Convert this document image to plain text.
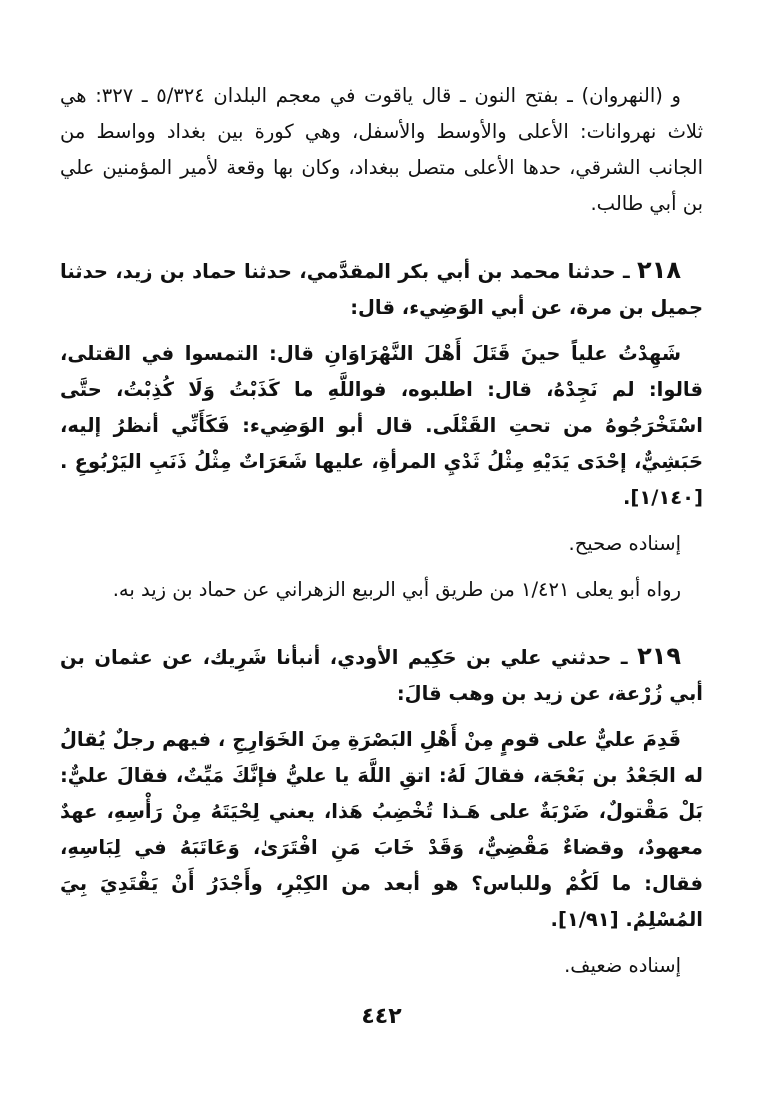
و (النهروان) ـ بفتح النون ـ قال ياقوت في معجم البلدان ٥/٣٢٤ ـ ٣٢٧: هي ثلاث نهروانات: الأعلى والأوسط والأسفل، وهي كورة بين بغداد وواسط من الجانب الشرقي، حدها الأعلى متصل ببغداد، وكان بها وقعة لأمير المؤمنين علي بن أبي طالب.

٢١٨ ـ حدثنا محمد بن أبي بكر المقدَّمي، حدثنا حماد بن زيد، حدثنا جميل بن مرة، عن أبي الوَضِيء، قال:

شَهِدْتُ علياً حينَ قَتَلَ أَهْلَ النَّهْرَاوَانِ قال: التمسوا في القتلى، قالوا: لم نَجِدْهُ، قال: اطلبوه، فواللَّهِ ما كَذَبْتُ وَلَا كُذِبْتُ، حتَّى اسْتَخْرَجُوهُ من تحتِ القَتْلَى. قال أبو الوَضِيء: فَكَأَنِّي أنظرُ إليه، حَبَشِيٌّ، إحْدَى يَدَيْهِ مِثْلُ ثَدْيِ المرأةِ، عليها شَعَرَاتٌ مِثْلُ ذَنَبِ اليَرْبُوعِ . [١/١٤٠].

إسناده صحيح.

رواه أبو يعلى ١/٤٢١ من طريق أبي الربيع الزهراني عن حماد بن زيد به.

٢١٩ ـ حدثني علي بن حَكِيم الأودي، أنبأنا شَرِيك، عن عثمان بن أبي زُرْعة، عن زيد بن وهب قالَ:

قَدِمَ عليٌّ على قومٍ مِنْ أَهْلِ البَصْرَةِ مِنَ الخَوَارِجِ ، فيهم رجلٌ يُقالُ له الجَعْدُ بن بَعْجَة، فقالَ لَهُ: اتقِ اللَّهَ يا عليُّ فإنَّكَ مَيِّتٌ، فقالَ عليٌّ: بَلْ مَقْتولٌ، ضَرْبَةٌ على هَـذا تُخْضِبُ هَذا، يعني لِحْيَتَهُ مِنْ رَأْسِهِ، عهدٌ معهودٌ، وقضاءٌ مَقْضِيٌّ، وَقَدْ خَابَ مَنِ افْتَرَىٰ، وَعَاتَبَهُ في لِبَاسِهِ، فقال: ما لَكُمْ وللباس؟ هو أبعد من الكِبْرِ، وأَجْدَرُ أَنْ يَقْتَدِيَ بِيَ المُسْلِمُ. [١/٩١].

إسناده ضعيف.

٤٤٢
